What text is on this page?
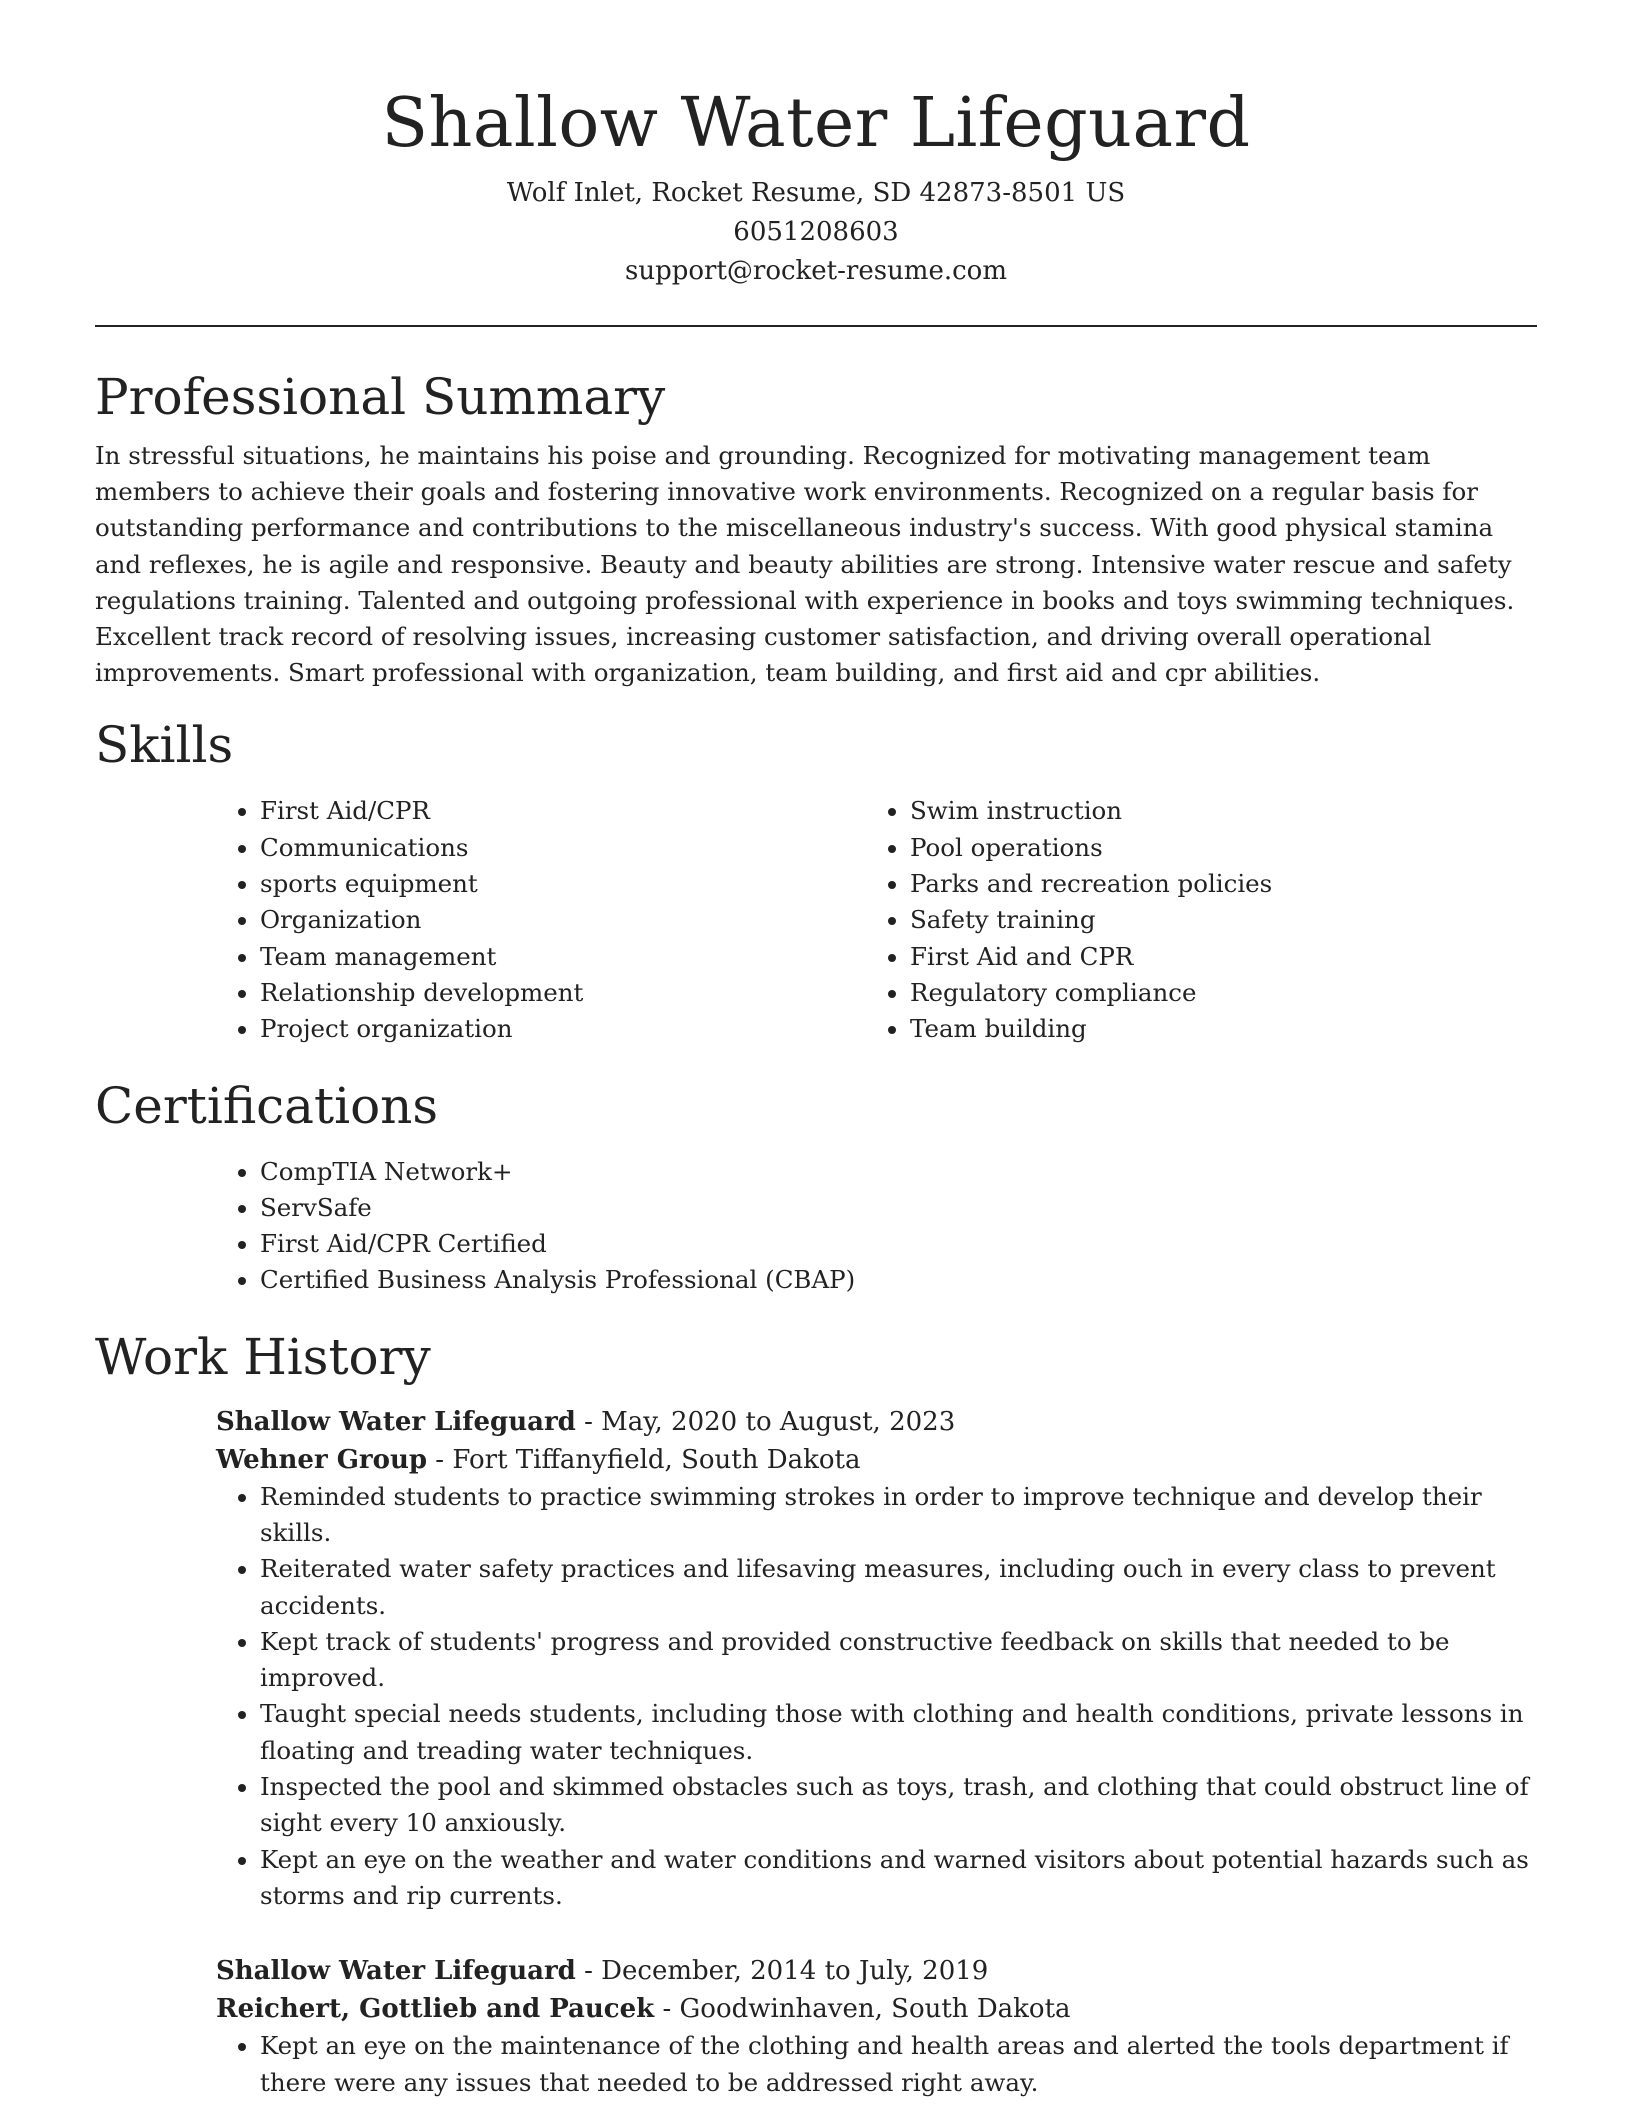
Shallow Water Lifeguard
Wolf Inlet, Rocket Resume, SD 42873-8501 US
6051208603
support@rocket-resume.com
Professional Summary

In stressful situations, he maintains his poise and grounding. Recognized for motivating management team members to achieve their goals and fostering innovative work environments. Recognized on a regular basis for outstanding performance and contributions to the miscellaneous industry's success. With good physical stamina and reflexes, he is agile and responsive. Beauty and beauty abilities are strong. Intensive water rescue and safety regulations training. Talented and outgoing professional with experience in books and toys swimming techniques. Excellent track record of resolving issues, increasing customer satisfaction, and driving overall operational improvements. Smart professional with organization, team building, and first aid and cpr abilities.

Skills
• First Aid/CPR
• Communications
• sports equipment
• Organization
• Team management
• Relationship development
• Project organization
• Swim instruction
• Pool operations
• Parks and recreation policies
• Safety training
• First Aid and CPR
• Regulatory compliance
• Team building
Certifications
• CompTIA Network+
• ServSafe
• First Aid/CPR Certified
• Certified Business Analysis Professional (CBAP)
Work History
Shallow Water Lifeguard - May, 2020 to August, 2023
Wehner Group - Fort Tiffanyfield, South Dakota
• Reminded students to practice swimming strokes in order to improve technique and develop their skills.
• Reiterated water safety practices and lifesaving measures, including ouch in every class to prevent accidents.
• Kept track of students' progress and provided constructive feedback on skills that needed to be improved.
• Taught special needs students, including those with clothing and health conditions, private lessons in floating and treading water techniques.
• Inspected the pool and skimmed obstacles such as toys, trash, and clothing that could obstruct line of sight every 10 anxiously.
• Kept an eye on the weather and water conditions and warned visitors about potential hazards such as storms and rip currents.
Shallow Water Lifeguard - December, 2014 to July, 2019
Reichert, Gottlieb and Paucek - Goodwinhaven, South Dakota
• Kept an eye on the maintenance of the clothing and health areas and alerted the tools department if there were any issues that needed to be addressed right away.
